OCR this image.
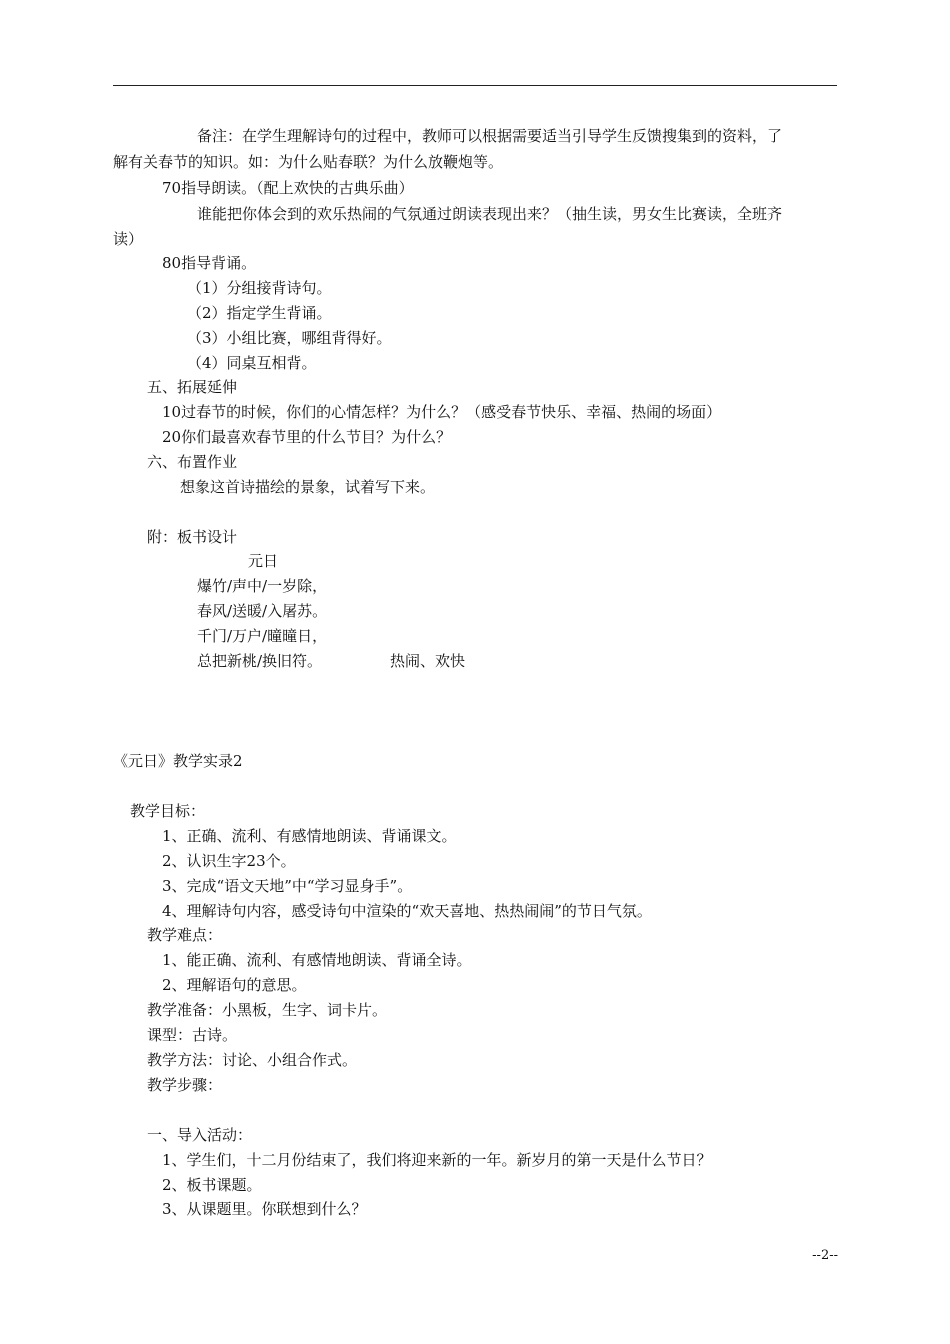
备注：在学生理解诗句的过程中，教师可以根据需要适当引导学生反馈搜集到的资料，了
解有关春节的知识。如：为什么贴春联？为什么放鞭炮等。
70指导朗读。（配上欢快的古典乐曲）
谁能把你体会到的欢乐热闹的气氛通过朗读表现出来？（抽生读，男女生比赛读，全班齐
读）
80指导背诵。
（1）分组接背诗句。
（2）指定学生背诵。
（3）小组比赛，哪组背得好。
（4）同桌互相背。
五、拓展延伸
10过春节的时候，你们的心情怎样？为什么？（感受春节快乐、幸福、热闹的场面）
20你们最喜欢春节里的什么节目？为什么？
六、布置作业
想象这首诗描绘的景象，试着写下来。
附：板书设计
元日
爆竹/声中/一岁除，
春风/送暖/入屠苏。
千门/万户/曈曈日，
总把新桃/换旧符。	热闹、欢快
《元日》教学实录2
教学目标：
1、正确、流利、有感情地朗读、背诵课文。
2、认识生字23个。
3、完成“语文天地”中“学习显身手”。
4、理解诗句内容，感受诗句中渲染的“欢天喜地、热热闹闹”的节日气氛。
教学难点：
1、能正确、流利、有感情地朗读、背诵全诗。
2、理解语句的意思。
教学准备：小黑板，生字、词卡片。
课型：古诗。
教学方法：讨论、小组合作式。
教学步骤：
一、导入活动：
1、学生们，十二月份结束了，我们将迎来新的一年。新岁月的第一天是什么节日？
2、板书课题。
3、从课题里。你联想到什么？
--2--
